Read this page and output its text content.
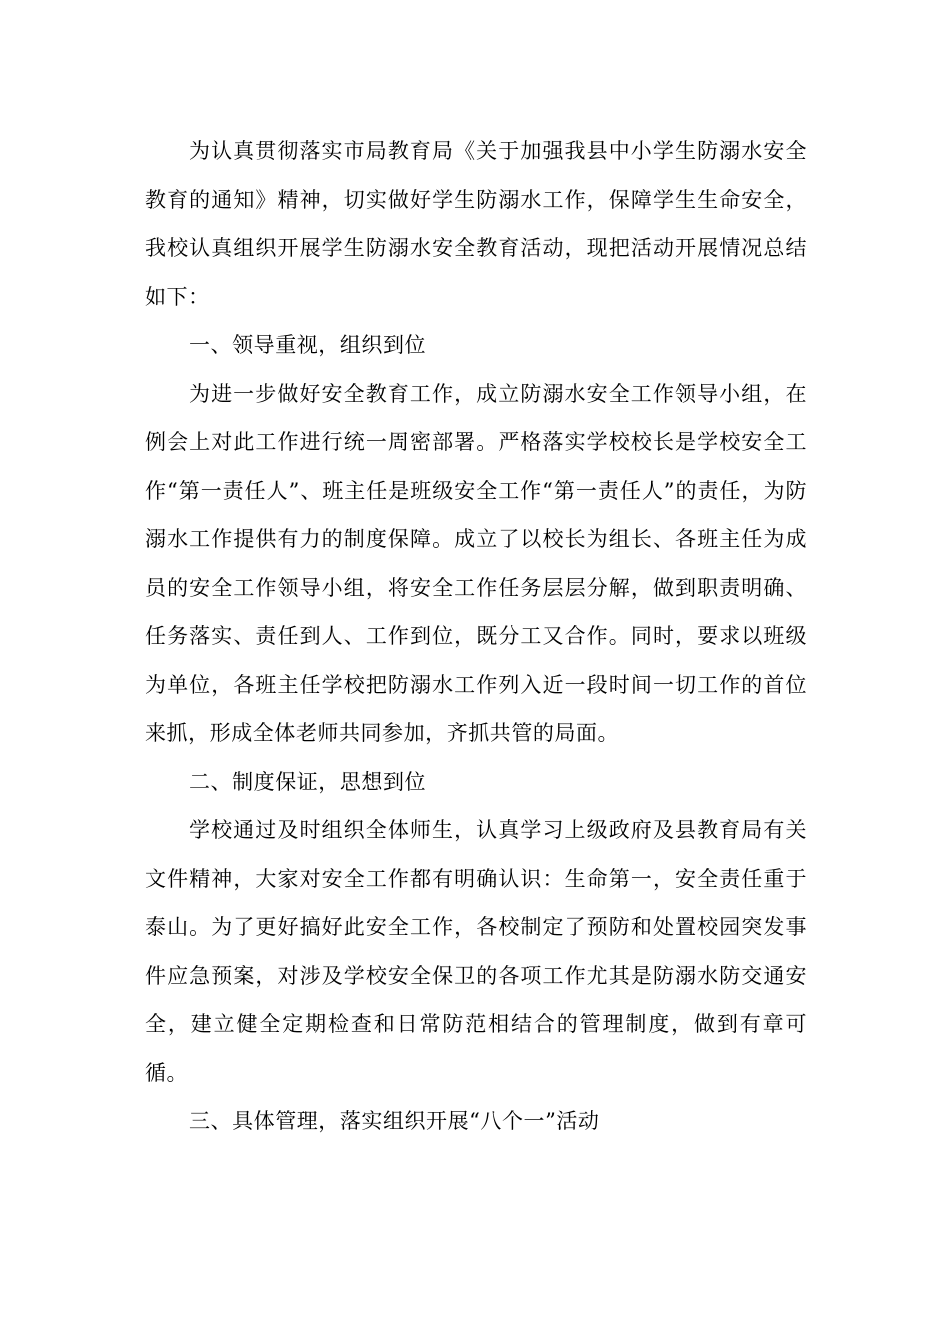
为认真贯彻落实市局教育局《关于加强我县中小学生防溺水安全教育的通知》精神，切实做好学生防溺水工作，保障学生生命安全，我校认真组织开展学生防溺水安全教育活动，现把活动开展情况总结如下：

一、领导重视，组织到位

为进一步做好安全教育工作，成立防溺水安全工作领导小组，在例会上对此工作进行统一周密部署。严格落实学校校长是学校安全工作“第一责任人”、班主任是班级安全工作“第一责任人”的责任，为防溺水工作提供有力的制度保障。成立了以校长为组长、各班主任为成员的安全工作领导小组，将安全工作任务层层分解，做到职责明确、任务落实、责任到人、工作到位，既分工又合作。同时，要求以班级为单位，各班主任学校把防溺水工作列入近一段时间一切工作的首位来抓，形成全体老师共同参加，齐抓共管的局面。

二、制度保证，思想到位

学校通过及时组织全体师生，认真学习上级政府及县教育局有关文件精神，大家对安全工作都有明确认识：生命第一，安全责任重于泰山。为了更好搞好此安全工作，各校制定了预防和处置校园突发事件应急预案，对涉及学校安全保卫的各项工作尤其是防溺水防交通安全，建立健全定期检查和日常防范相结合的管理制度，做到有章可循。

三、具体管理，落实组织开展“八个一”活动
